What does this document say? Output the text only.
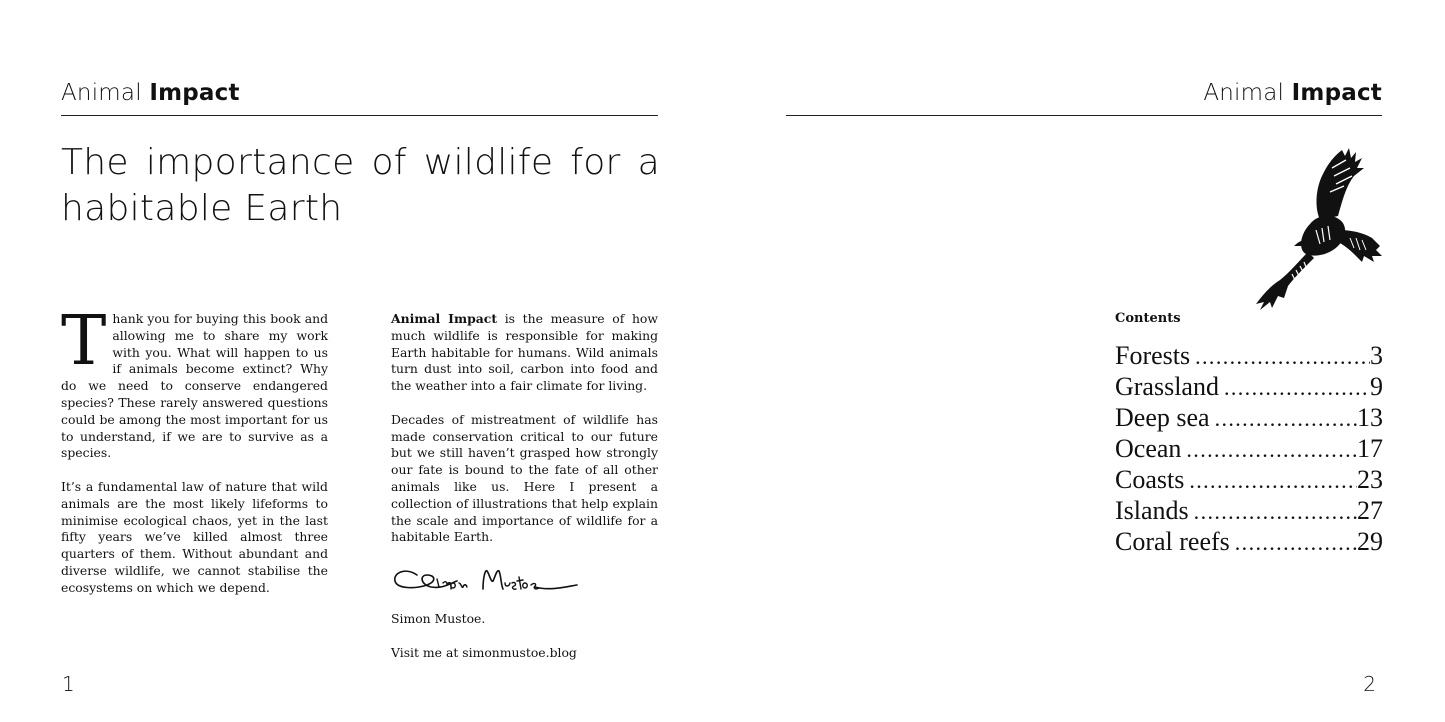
Animal Impact
The importance of wildlife for a
habitable Earth

Thank you for buying this book and allowing me to share my work with you. What will happen to us if animals become extinct? Why do we need to conserve endangered species? These rarely answered questions could be among the most important for us to understand, if we are to survive as a species.

It’s a fundamental law of nature that wild animals are the most likely lifeforms to minimise ecological chaos, yet in the last fifty years we’ve killed almost three quarters of them. Without abundant and diverse wildlife, we cannot stabilise the ecosystems on which we depend.

Animal Impact is the measure of how much wildlife is responsible for making Earth habitable for humans. Wild animals turn dust into soil, carbon into food and the weather into a fair climate for living.

Decades of mistreatment of wildlife has made conservation critical to our future but we still haven’t grasped how strongly our fate is bound to the fate of all other animals like us. Here I present a collection of illustrations that help explain the scale and importance of wildlife for a habitable Earth.

Simon Mustoe.

Visit me at simonmustoe.blog

1
Animal Impact
Contents
Forests .....	3
Grassland .....	9
Deep sea .....	13
Ocean .....	17
Coasts .....	23
Islands .....	27
Coral reefs .....	29
2
